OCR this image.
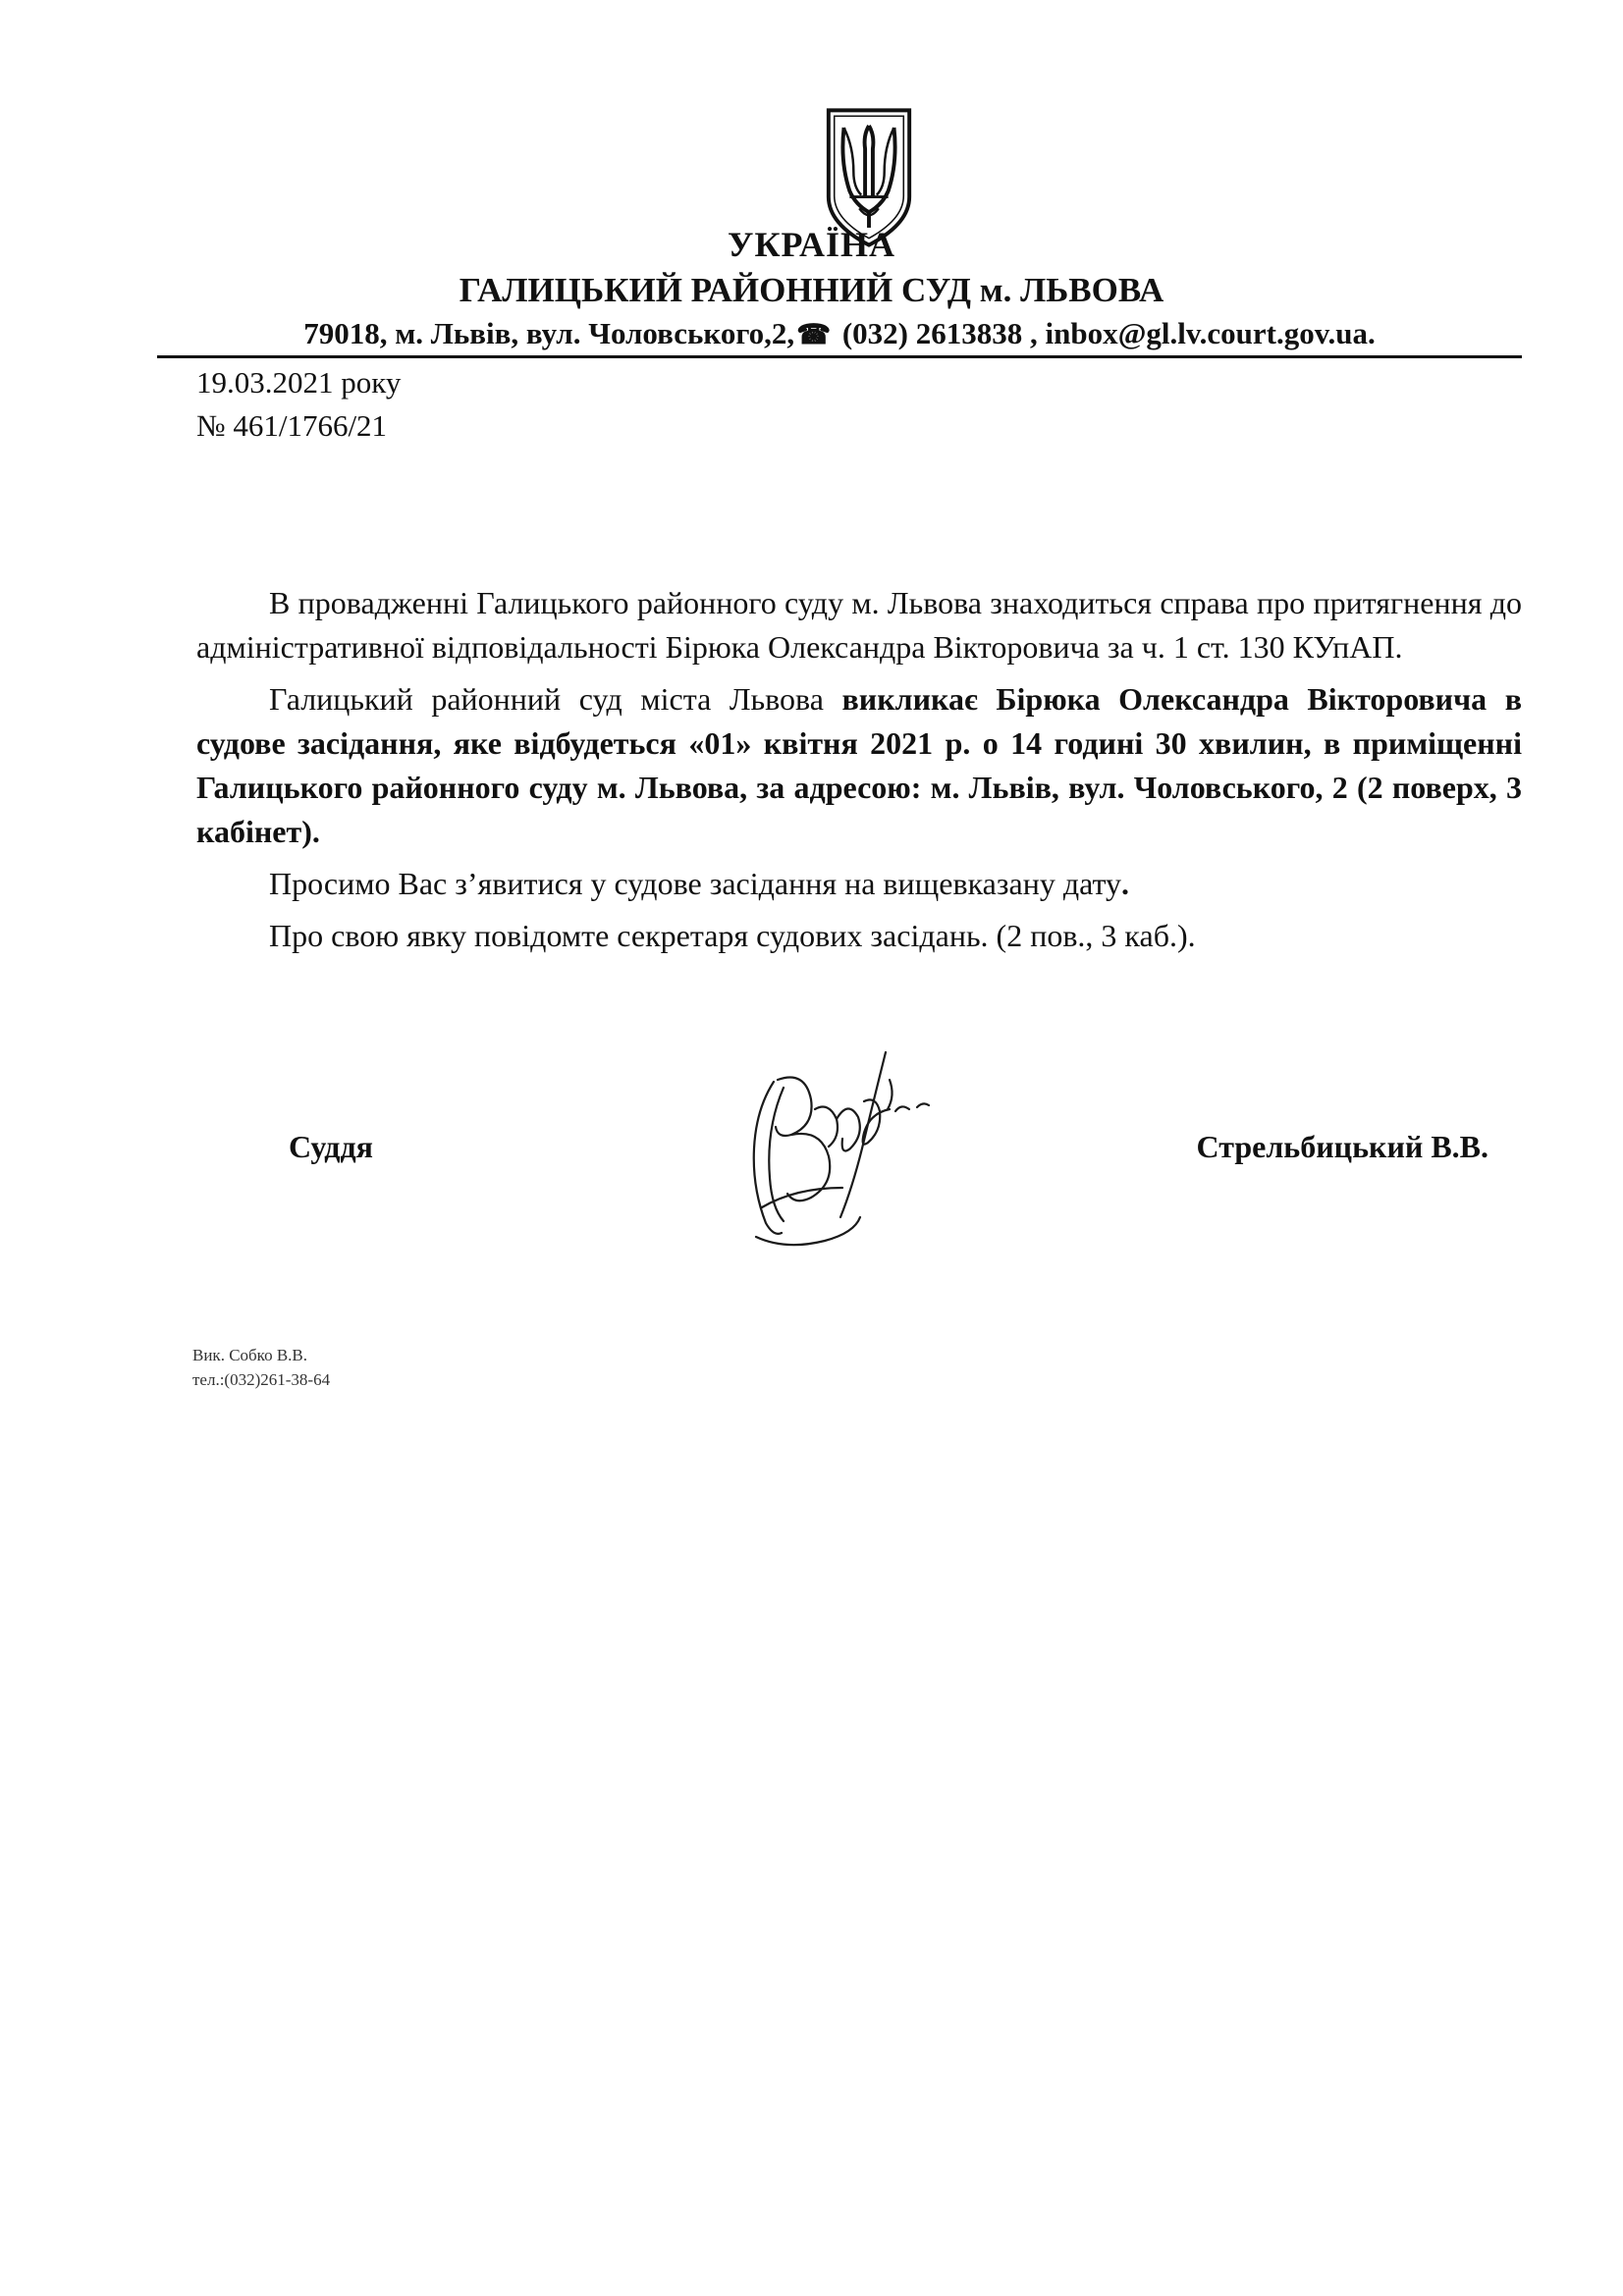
УКРАЇНА
ГАЛИЦЬКИЙ РАЙОННИЙ СУД м. ЛЬВОВА
79018, м. Львів, вул. Чоловського,2,☎ (032) 2613838 , inbox@gl.lv.court.gov.ua.
19.03.2021 року
№ 461/1766/21

В провадженні Галицького районного суду м. Львова знаходиться справа про притягнення до адміністративної відповідальності Бірюка Олександра Вікторовича за ч. 1 ст. 130 КУпАП.

Галицький районний суд міста Львова викликає Бірюка Олександра Вікторовича в судове засідання, яке відбудеться «01» квітня 2021 р. о 14 годині 30 хвилин, в приміщенні Галицького районного суду м. Львова, за адресою: м. Львів, вул. Чоловського, 2 (2 поверх, 3 кабінет).

Просимо Вас з’явитися у судове засідання на вищевказану дату.

Про свою явку повідомте секретаря судових засідань. (2 пов., 3 каб.).

Суддя	Стрельбицький В.В.
Вик. Собко В.В.
тел.:(032)261-38-64
